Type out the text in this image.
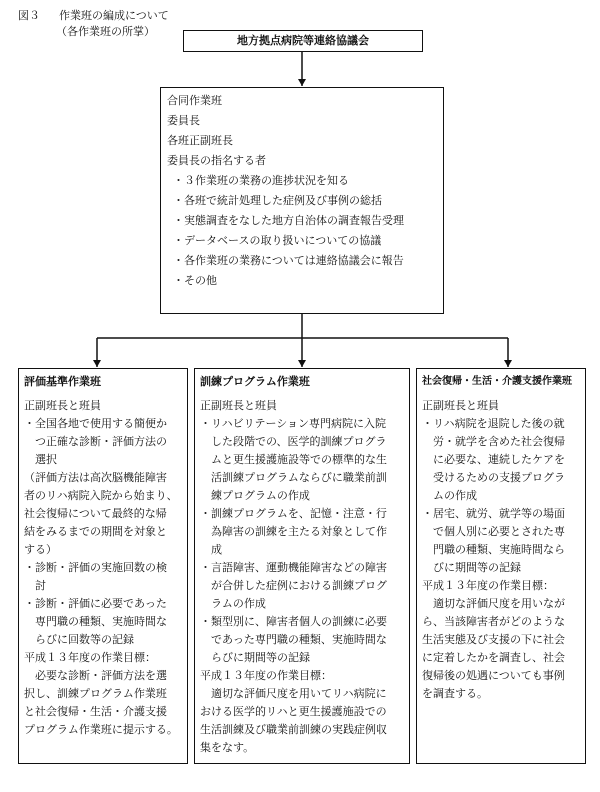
図３ 作業班の編成について
（各作業班の所掌）
地方拠点病院等連絡協議会
合同作業班
委員長
各班正副班長
委員長の指名する者
・３作業班の業務の進捗状況を知る
・各班で統計処理した症例及び事例の総括
・実態調査をなした地方自治体の調査報告受理
・データベースの取り扱いについての協議
・各作業班の業務については連絡協議会に報告
・その他
評価基準作業班
正副班長と班員
・全国各地で使用する簡便か
　つ正確な診断・評価方法の
　選択
（評価方法は高次脳機能障害
者のリハ病院入院から始まり、
社会復帰について最終的な帰
結をみるまでの期間を対象と
する）
・診断・評価の実施回数の検
　討
・診断・評価に必要であった
　専門職の種類、実施時間な
　らびに回数等の記録
平成１３年度の作業目標：
　必要な診断・評価方法を選
択し、訓練プログラム作業班
と社会復帰・生活・介護支援
プログラム作業班に提示する。
訓練プログラム作業班
正副班長と班員
・リハビリテーション専門病院に入院
　した段階での、医学的訓練プログラ
　ムと更生援護施設等での標準的な生
　活訓練プログラムならびに職業前訓
　練プログラムの作成
・訓練プログラムを、記憶・注意・行
　為障害の訓練を主たる対象として作
　成
・言語障害、運動機能障害などの障害
　が合併した症例における訓練プログ
　ラムの作成
・類型別に、障害者個人の訓練に必要
　であった専門職の種類、実施時間な
　らびに期間等の記録
平成１３年度の作業目標：
　適切な評価尺度を用いてリハ病院に
おける医学的リハと更生援護施設での
生活訓練及び職業前訓練の実践症例収
集をなす。
社会復帰・生活・介護支援作業班
正副班長と班員
・リハ病院を退院した後の就
　労・就学を含めた社会復帰
　に必要な、連続したケアを
　受けるための支援プログラ
　ムの作成
・居宅、就労、就学等の場面
　で個人別に必要とされた専
　門職の種類、実施時間なら
　びに期間等の記録
平成１３年度の作業目標：
　適切な評価尺度を用いなが
ら、当該障害者がどのような
生活実態及び支援の下に社会
に定着したかを調査し、社会
復帰後の処遇についても事例
を調査する。
